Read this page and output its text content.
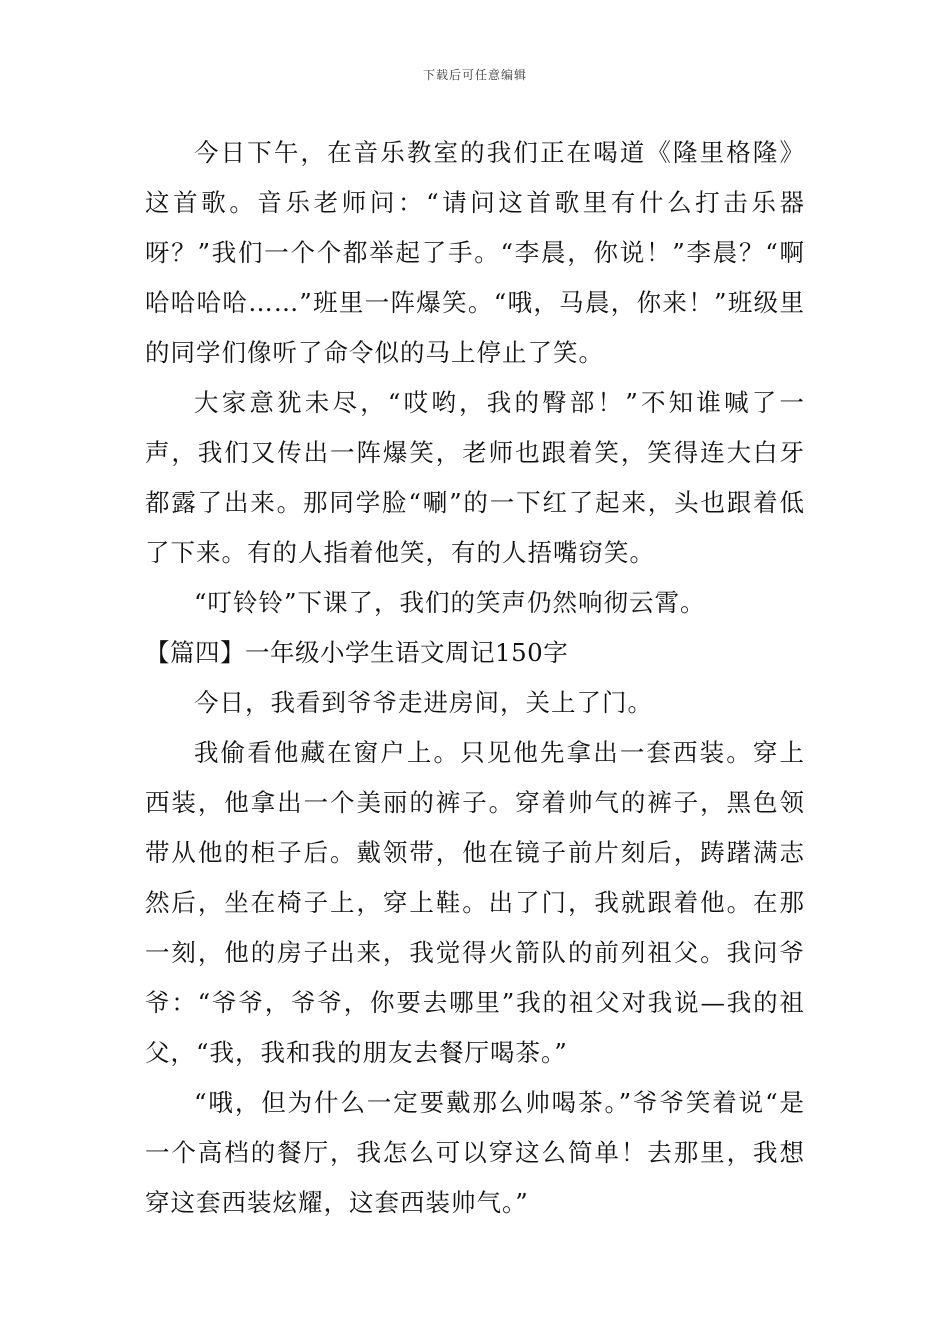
下载后可任意编辑

今日下午，在音乐教室的我们正在喝道《隆里格隆》这首歌。音乐老师问：“请问这首歌里有什么打击乐器呀？”我们一个个都举起了手。“李晨，你说！”李晨？“啊哈哈哈哈……”班里一阵爆笑。“哦，马晨，你来！”班级里的同学们像听了命令似的马上停止了笑。

大家意犹未尽，“哎哟，我的臀部！”不知谁喊了一声，我们又传出一阵爆笑，老师也跟着笑，笑得连大白牙都露了出来。那同学脸“唰”的一下红了起来，头也跟着低了下来。有的人指着他笑，有的人捂嘴窃笑。

“叮铃铃”下课了，我们的笑声仍然响彻云霄。

【篇四】一年级小学生语文周记150字

今日，我看到爷爷走进房间，关上了门。

我偷看他藏在窗户上。只见他先拿出一套西装。穿上西装，他拿出一个美丽的裤子。穿着帅气的裤子，黑色领带从他的柜子后。戴领带，他在镜子前片刻后，踌躇满志然后，坐在椅子上，穿上鞋。出了门，我就跟着他。在那一刻，他的房子出来，我觉得火箭队的前列祖父。我问爷爷：“爷爷，爷爷，你要去哪里”我的祖父对我说—我的祖父，“我，我和我的朋友去餐厅喝茶。”

“哦，但为什么一定要戴那么帅喝茶。”爷爷笑着说“是一个高档的餐厅，我怎么可以穿这么简单！去那里，我想穿这套西装炫耀，这套西装帅气。”
